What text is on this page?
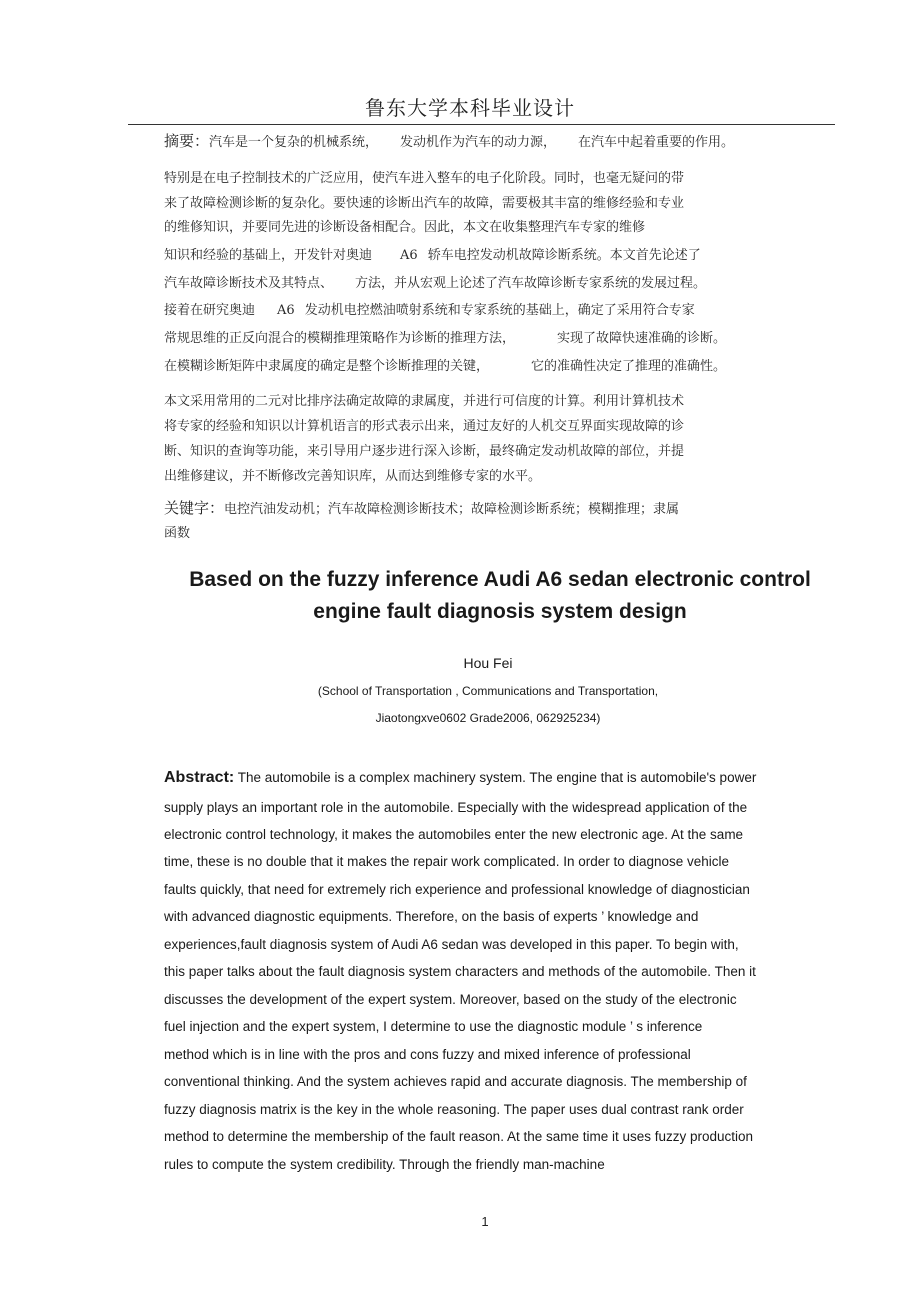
鲁东大学本科毕业设计
摘要：汽车是一个复杂的机械系统， 发动机作为汽车的动力源， 在汽车中起着重要的作用。
特别是在电子控制技术的广泛应用，使汽车进入整车的电子化阶段。同时，也毫无疑问的带
来了故障检测诊断的复杂化。要快速的诊断出汽车的故障，需要极其丰富的维修经验和专业
的维修知识，并要同先进的诊断设备相配合。因此，本文在收集整理汽车专家的维修
知识和经验的基础上，开发针对奥迪 A6 轿车电控发动机故障诊断系统。本文首先论述了
汽车故障诊断技术及其特点、 方法，并从宏观上论述了汽车故障诊断专家系统的发展过程。
接着在研究奥迪 A6 发动机电控燃油喷射系统和专家系统的基础上，确定了采用符合专家
常规思维的正反向混合的模糊推理策略作为诊断的推理方法，	实现了故障快速准确的诊断。
在模糊诊断矩阵中隶属度的确定是整个诊断推理的关键，	它的准确性决定了推理的准确性。
本文采用常用的二元对比排序法确定故障的隶属度，并进行可信度的计算。利用计算机技术
将专家的经验和知识以计算机语言的形式表示出来，通过友好的人机交互界面实现故障的诊
断、知识的查询等功能，来引导用户逐步进行深入诊断，最终确定发动机故障的部位，并提
出维修建议，并不断修改完善知识库，从而达到维修专家的水平。
关键字：电控汽油发动机；汽车故障检测诊断技术；故障检测诊断系统；模糊推理；隶属
函数
Based on the fuzzy inference Audi A6 sedan electronic control
engine fault diagnosis system design
Hou Fei
(School of Transportation , Communications and Transportation,
Jiaotongxve0602 Grade2006, 062925234)
Abstract: The automobile is a complex machinery system. The engine that is automobile's power
supply plays an important role in the automobile. Especially with the widespread application of the
electronic control technology, it makes the automobiles enter the new electronic age. At the same
time, these is no double that it makes the repair work complicated. In order to diagnose vehicle
faults quickly, that need for extremely rich experience and professional knowledge of diagnostician
with advanced diagnostic equipments. Therefore, on the basis of experts ’ knowledge and
experiences,fault diagnosis system of Audi A6 sedan was developed in this paper. To begin with,
this paper talks about the fault diagnosis system characters and methods of the automobile. Then it
discusses the development of the expert system. Moreover, based on the study of the electronic
fuel injection and the expert system, I determine to use the diagnostic module ’ s inference
method which is in line with the pros and cons fuzzy and mixed inference of professional
conventional thinking. And the system achieves rapid and accurate diagnosis. The membership of
fuzzy diagnosis matrix is the key in the whole reasoning. The paper uses dual contrast rank order
method to determine the membership of the fault reason. At the same time it uses fuzzy production
rules to compute the system credibility. Through the friendly man-machine
1
